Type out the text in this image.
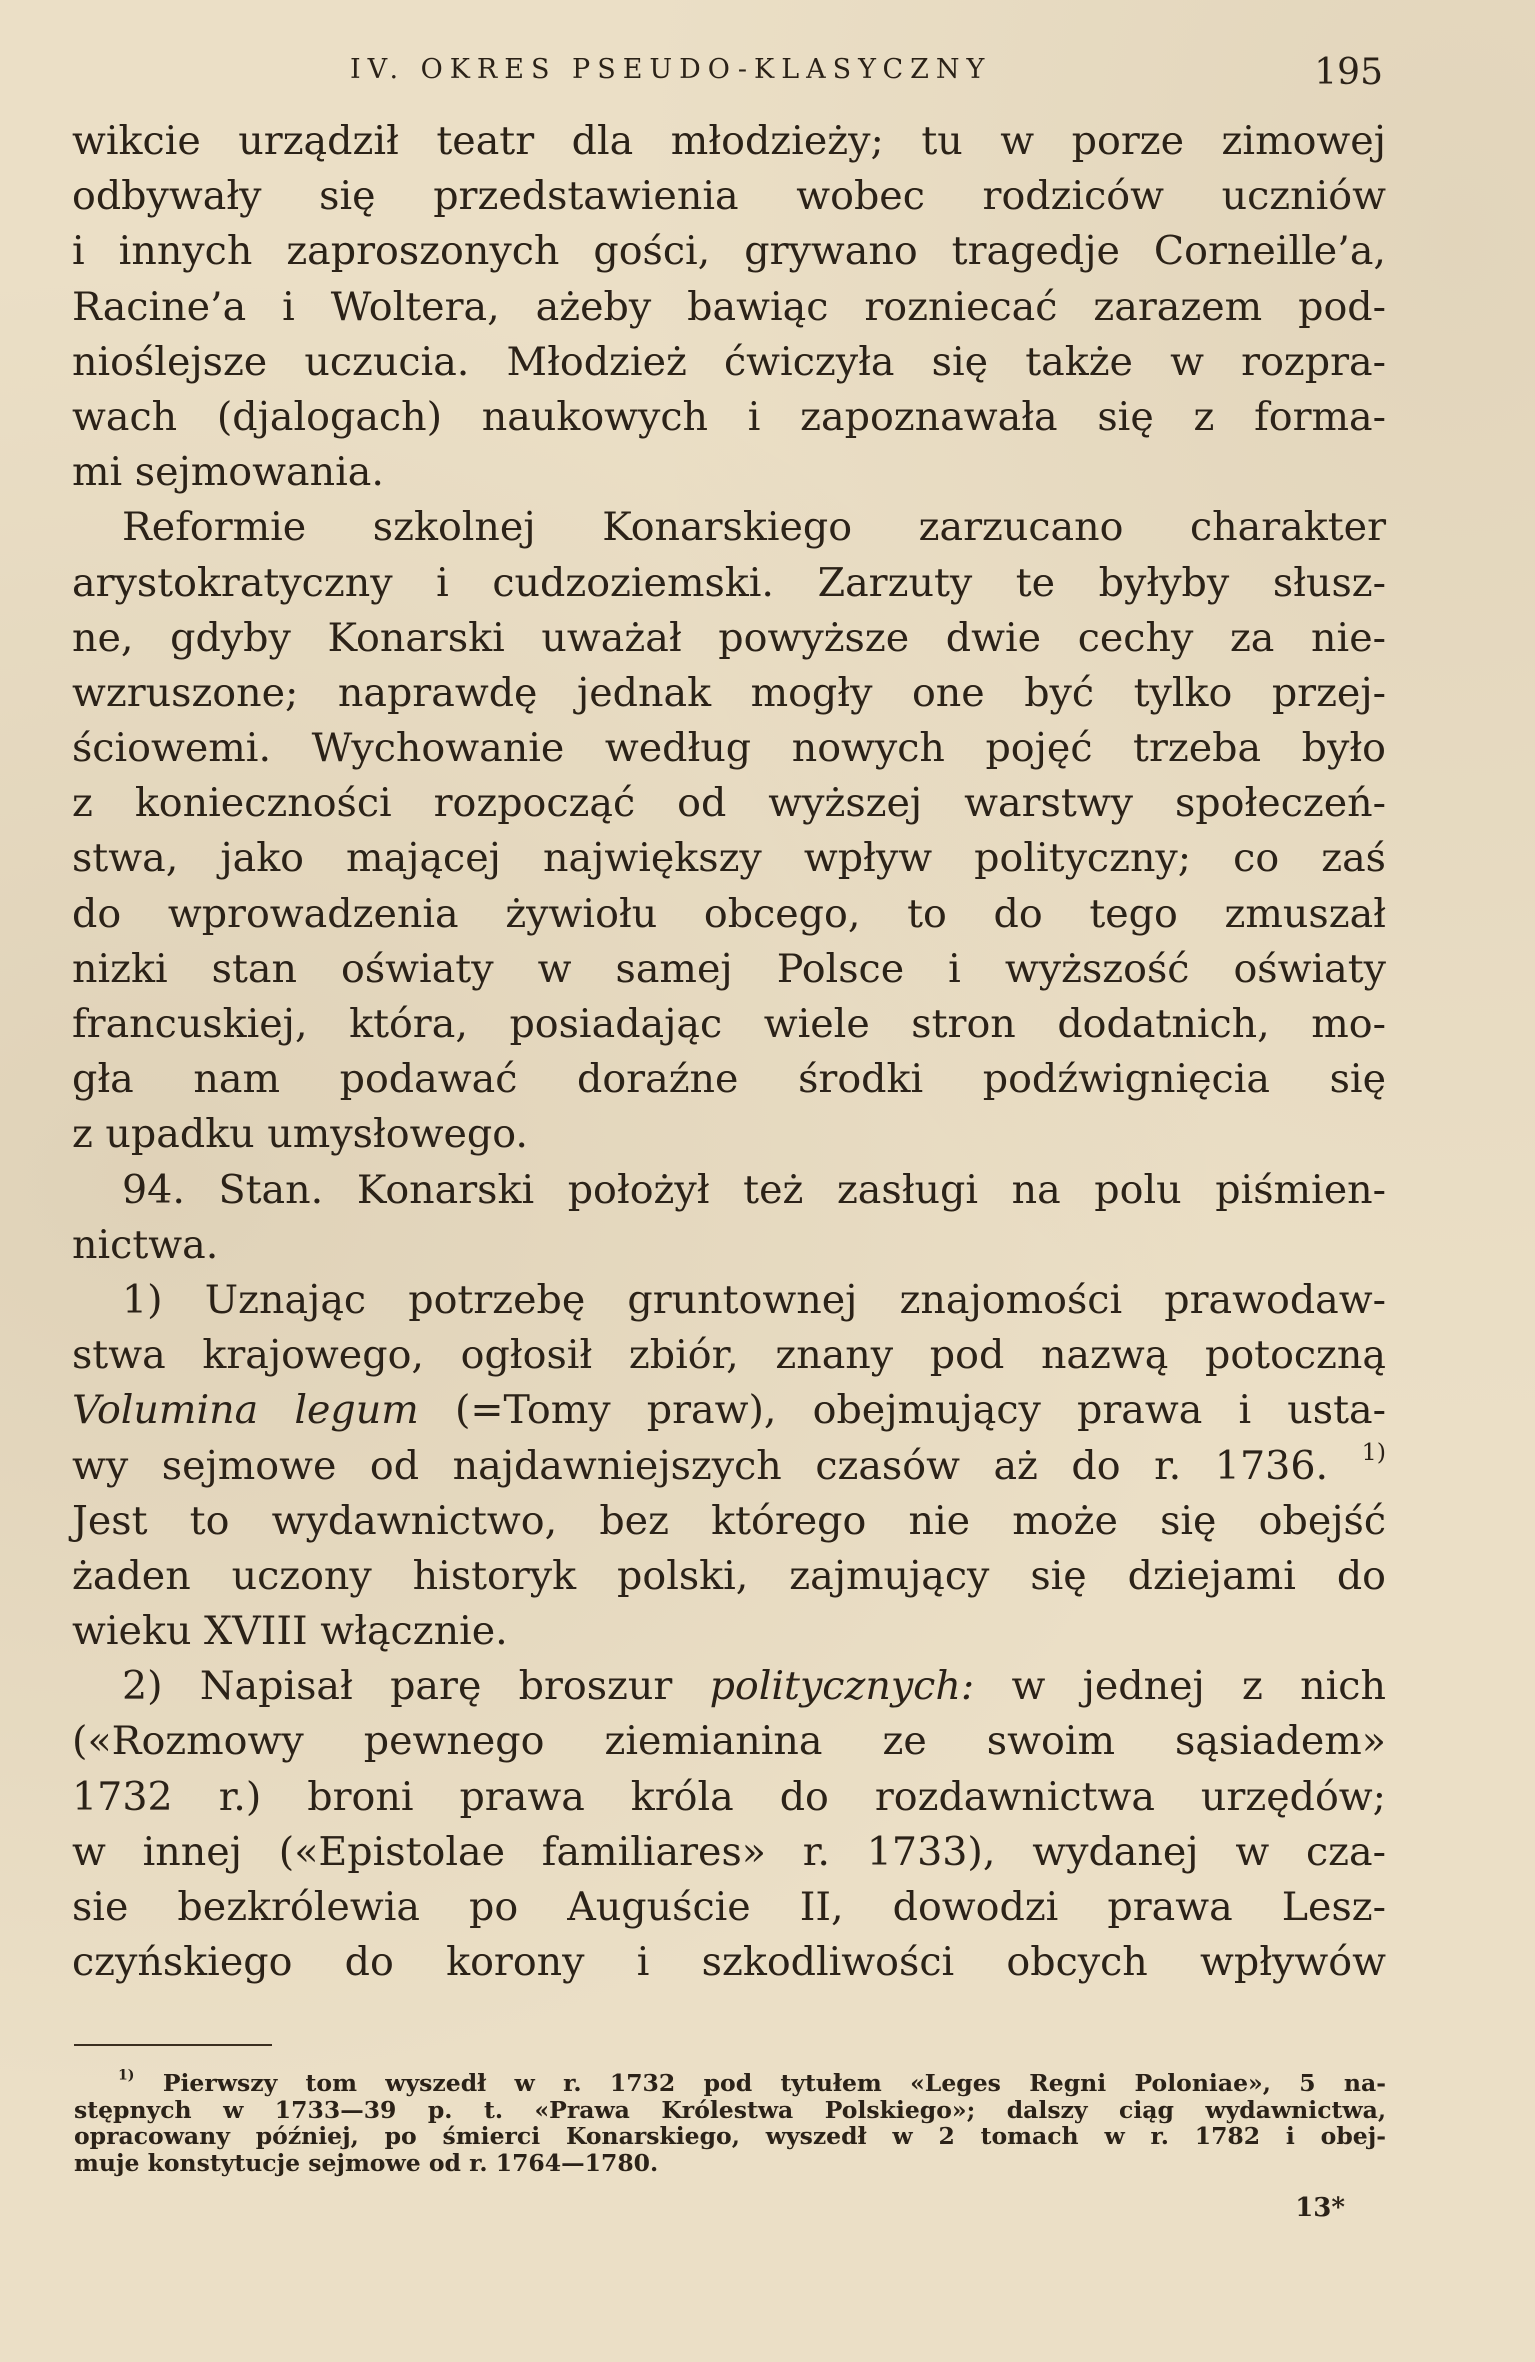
IV. OKRES PSEUDO-KLASYCZNY	195
wikcie urządził teatr dla młodzieży; tu w porze zimowej
odbywały się przedstawienia wobec rodziców uczniów
i innych zaproszonych gości, grywano tragedje Corneille’a,
Racine’a i Woltera, ażeby bawiąc rozniecać zarazem pod-
nioślejsze uczucia. Młodzież ćwiczyła się także w rozpra-
wach (djalogach) naukowych i zapoznawała się z forma-
mi sejmowania.
Reformie szkolnej Konarskiego zarzucano charakter
arystokratyczny i cudzoziemski. Zarzuty te byłyby słusz-
ne, gdyby Konarski uważał powyższe dwie cechy za nie-
wzruszone; naprawdę jednak mogły one być tylko przej-
ściowemi. Wychowanie według nowych pojęć trzeba było
z konieczności rozpocząć od wyższej warstwy społeczeń-
stwa, jako mającej największy wpływ polityczny; co zaś
do wprowadzenia żywiołu obcego, to do tego zmuszał
nizki stan oświaty w samej Polsce i wyższość oświaty
francuskiej, która, posiadając wiele stron dodatnich, mo-
gła nam podawać doraźne środki podźwignięcia się
z upadku umysłowego.
94. Stan. Konarski położył też zasługi na polu piśmien-
nictwa.
1) Uznając potrzebę gruntownej znajomości prawodaw-
stwa krajowego, ogłosił zbiór, znany pod nazwą potoczną
Volumina legum (=Tomy praw), obejmujący prawa i usta-
wy sejmowe od najdawniejszych czasów aż do r. 1736. $^{1)}$
Jest to wydawnictwo, bez którego nie może się obejść
żaden uczony historyk polski, zajmujący się dziejami do
wieku XVIII włącznie.
2) Napisał parę broszur politycznych: w jednej z nich
(«Rozmowy pewnego ziemianina ze swoim sąsiadem»
1732 r.) broni prawa króla do rozdawnictwa urzędów;
w innej («Epistolae familiares» r. 1733), wydanej w cza-
sie bezkrólewia po Auguście II, dowodzi prawa Lesz-
czyńskiego do korony i szkodliwości obcych wpływów
$^{1)}$ Pierwszy tom wyszedł w r. 1732 pod tytułem «Leges Regni Poloniae», 5 na-
stępnych w 1733—39 p. t. «Prawa Królestwa Polskiego»; dalszy ciąg wydawnictwa,
opracowany później, po śmierci Konarskiego, wyszedł w 2 tomach w r. 1782 i obej-
muje konstytucje sejmowe od r. 1764—1780.
13*
